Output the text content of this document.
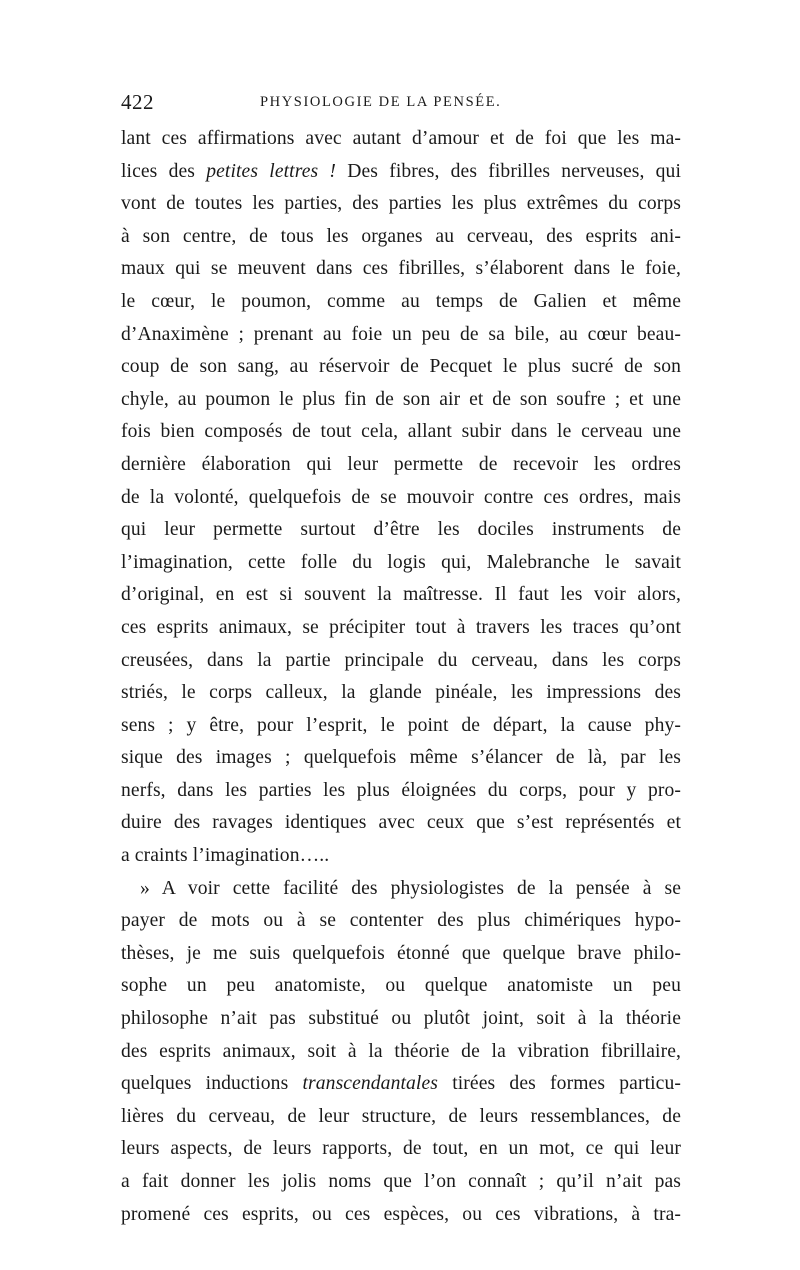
422	PHYSIOLOGIE DE LA PENSÉE.
lant ces affirmations avec autant d’amour et de foi que les ma-
lices des petites lettres ! Des fibres, des fibrilles nerveuses, qui
vont de toutes les parties, des parties les plus extrêmes du corps
à son centre, de tous les organes au cerveau, des esprits ani-
maux qui se meuvent dans ces fibrilles, s’élaborent dans le foie,
le cœur, le poumon, comme au temps de Galien et même
d’Anaximène ; prenant au foie un peu de sa bile, au cœur beau-
coup de son sang, au réservoir de Pecquet le plus sucré de son
chyle, au poumon le plus fin de son air et de son soufre ; et une
fois bien composés de tout cela, allant subir dans le cerveau une
dernière élaboration qui leur permette de recevoir les ordres
de la volonté, quelquefois de se mouvoir contre ces ordres, mais
qui leur permette surtout d’être les dociles instruments de
l’imagination, cette folle du logis qui, Malebranche le savait
d’original, en est si souvent la maîtresse. Il faut les voir alors,
ces esprits animaux, se précipiter tout à travers les traces qu’ont
creusées, dans la partie principale du cerveau, dans les corps
striés, le corps calleux, la glande pinéale, les impressions des
sens ; y être, pour l’esprit, le point de départ, la cause phy-
sique des images ; quelquefois même s’élancer de là, par les
nerfs, dans les parties les plus éloignées du corps, pour y pro-
duire des ravages identiques avec ceux que s’est représentés et
a craints l’imagination…..
» A voir cette facilité des physiologistes de la pensée à se
payer de mots ou à se contenter des plus chimériques hypo-
thèses, je me suis quelquefois étonné que quelque brave philo-
sophe un peu anatomiste, ou quelque anatomiste un peu
philosophe n’ait pas substitué ou plutôt joint, soit à la théorie
des esprits animaux, soit à la théorie de la vibration fibrillaire,
quelques inductions transcendantales tirées des formes particu-
lières du cerveau, de leur structure, de leurs ressemblances, de
leurs aspects, de leurs rapports, de tout, en un mot, ce qui leur
a fait donner les jolis noms que l’on connaît ; qu’il n’ait pas
promené ces esprits, ou ces espèces, ou ces vibrations, à tra-
